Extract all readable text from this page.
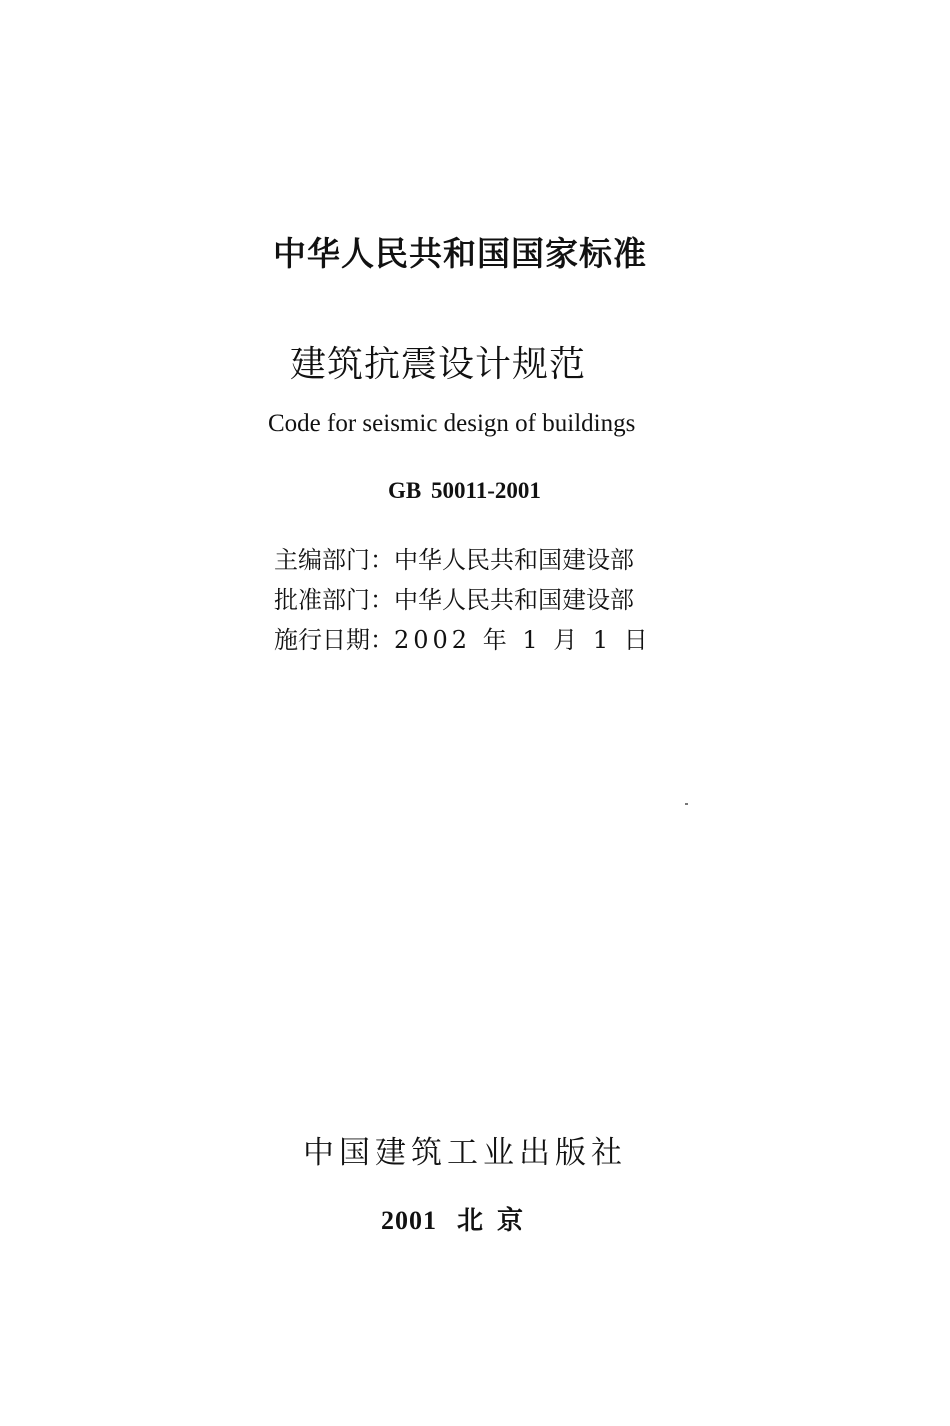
中华人民共和国国家标准
建筑抗震设计规范
Code for seismic design of buildings
GB 50011-2001
主编部门：中华人民共和国建设部
批准部门：中华人民共和国建设部
施行日期：2002 年 1 月 1 日
中国建筑工业出版社
2001 北京
